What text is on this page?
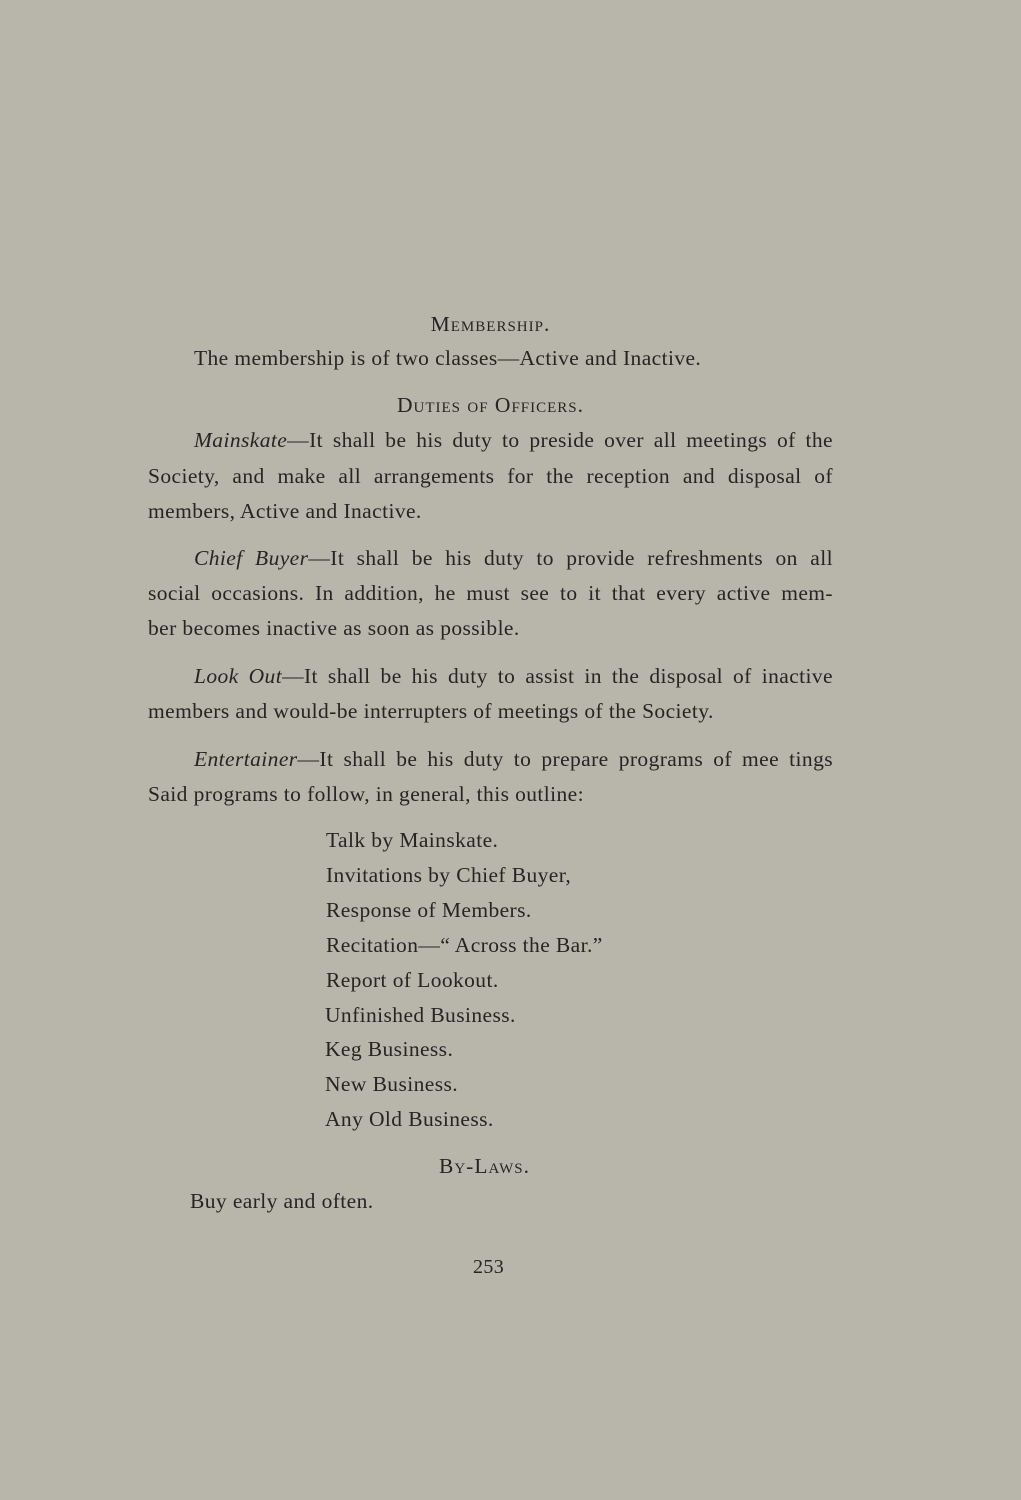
Membership.
The membership is of two classes—Active and Inactive.
Duties of Officers.
Mainskate—It shall be his duty to preside over all meetings of the
Society, and make all arrangements for the reception and disposal of
members, Active and Inactive.
Chief Buyer—It shall be his duty to provide refreshments on all
social occasions. In addition, he must see to it that every active mem-
ber becomes inactive as soon as possible.
Look Out—It shall be his duty to assist in the disposal of inactive
members and would-be interrupters of meetings of the Society.
Entertainer—It shall be his duty to prepare programs of mee tings
Said programs to follow, in general, this outline:
Talk by Mainskate.
Invitations by Chief Buyer,
Response of Members.
Recitation—“ Across the Bar.”
Report of Lookout.
Unfinished Business.
Keg Business.
New Business.
Any Old Business.
By-Laws.
Buy early and often.
253
